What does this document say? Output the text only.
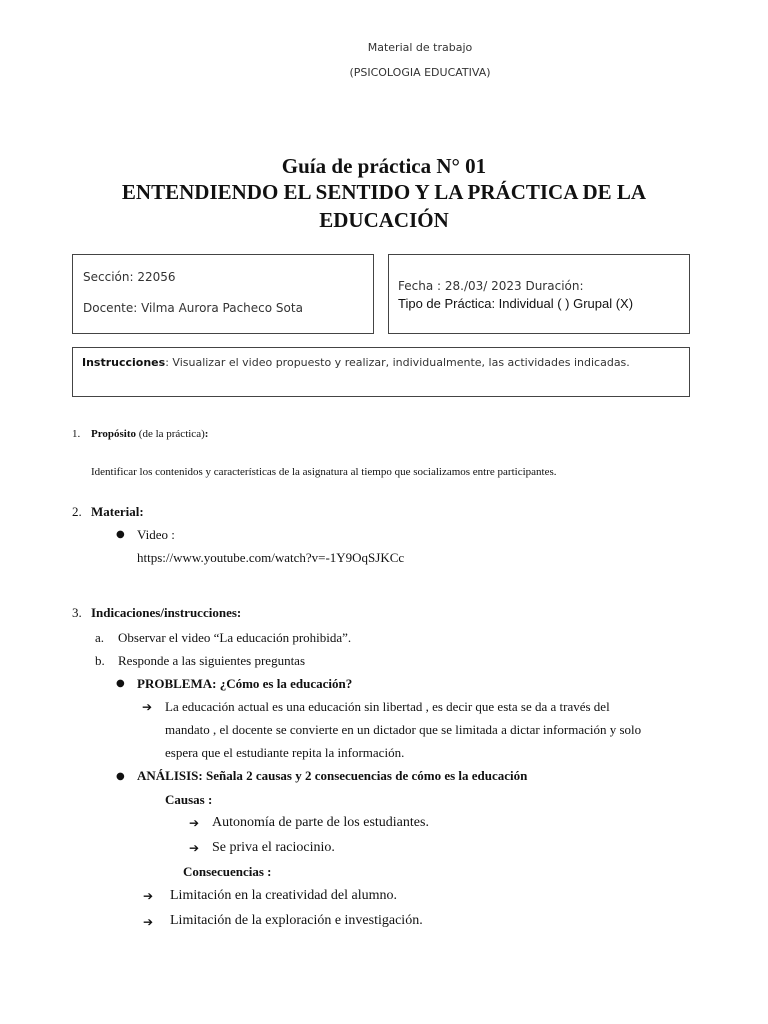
Material de trabajo
(PSICOLOGIA EDUCATIVA)
Guía de práctica N° 01
ENTENDIENDO EL SENTIDO Y LA PRÁCTICA DE LA
EDUCACIÓN
Sección: 22056
Docente: Vilma Aurora Pacheco Sota
Fecha : 28./03/ 2023 Duración:
Tipo de Práctica: Individual ( ) Grupal (X)
Instrucciones: Visualizar el video propuesto y realizar, individualmente, las actividades indicadas.
1. Propósito (de la práctica):
Identificar los contenidos y características de la asignatura al tiempo que socializamos entre participantes.
2. Material:
● Video :
https://www.youtube.com/watch?v=-1Y9OqSJKCc
3. Indicaciones/instrucciones:
a. Observar el video “La educación prohibida”.
b. Responde a las siguientes preguntas
● PROBLEMA: ¿Cómo es la educación?
➔ La educación actual es una educación sin libertad , es decir que esta se da a través del
mandato , el docente se convierte en un dictador que se limitada a dictar información y solo
espera que el estudiante repita la información.
● ANÁLISIS: Señala 2 causas y 2 consecuencias de cómo es la educación
Causas :
➔ Autonomía de parte de los estudiantes.
➔ Se priva el raciocinio.
Consecuencias :
➔ Limitación en la creatividad del alumno.
➔ Limitación de la exploración e investigación.
